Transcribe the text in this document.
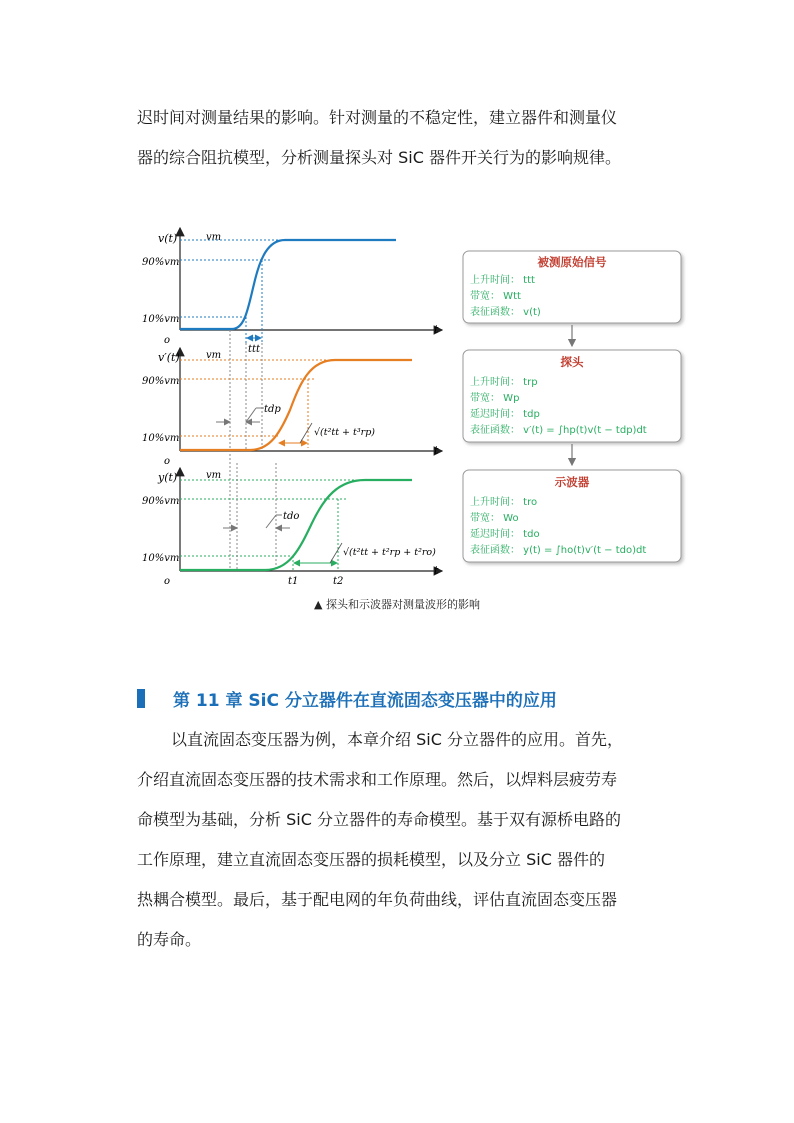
迟时间对测量结果的影响。针对测量的不稳定性，建立器件和测量仪
器的综合阻抗模型，分析测量探头对 SiC 器件开关行为的影响规律。
v(t)	vm
90%vm
10%vm
o
t
ttt
v′(t)	vm
90%vm
10%vm
o
t
tdp
√(t²tt + t³rp)
y(t)	vm
90%vm
10%vm
o
t
tdo
√(t²tt + t²rp + t²ro)
t1	t2
被测原始信号
上升时间： ttt
带宽： Wtt
表征函数： v(t)
探头
上升时间： trp
带宽： Wp
延迟时间： tdp
表征函数： v′(t) = ∫hp(t)v(t − tdp)dt
示波器
上升时间： tro
带宽： Wo
延迟时间： tdo
表征函数： y(t) = ∫ho(t)v′(t − tdo)dt
▲ 探头和示波器对测量波形的影响
第 11 章 SiC 分立器件在直流固态变压器中的应用
以直流固态变压器为例，本章介绍 SiC 分立器件的应用。首先，
介绍直流固态变压器的技术需求和工作原理。然后，以焊料层疲劳寿
命模型为基础，分析 SiC 分立器件的寿命模型。基于双有源桥电路的
工作原理，建立直流固态变压器的损耗模型，以及分立 SiC 器件的
热耦合模型。最后，基于配电网的年负荷曲线，评估直流固态变压器
的寿命。
